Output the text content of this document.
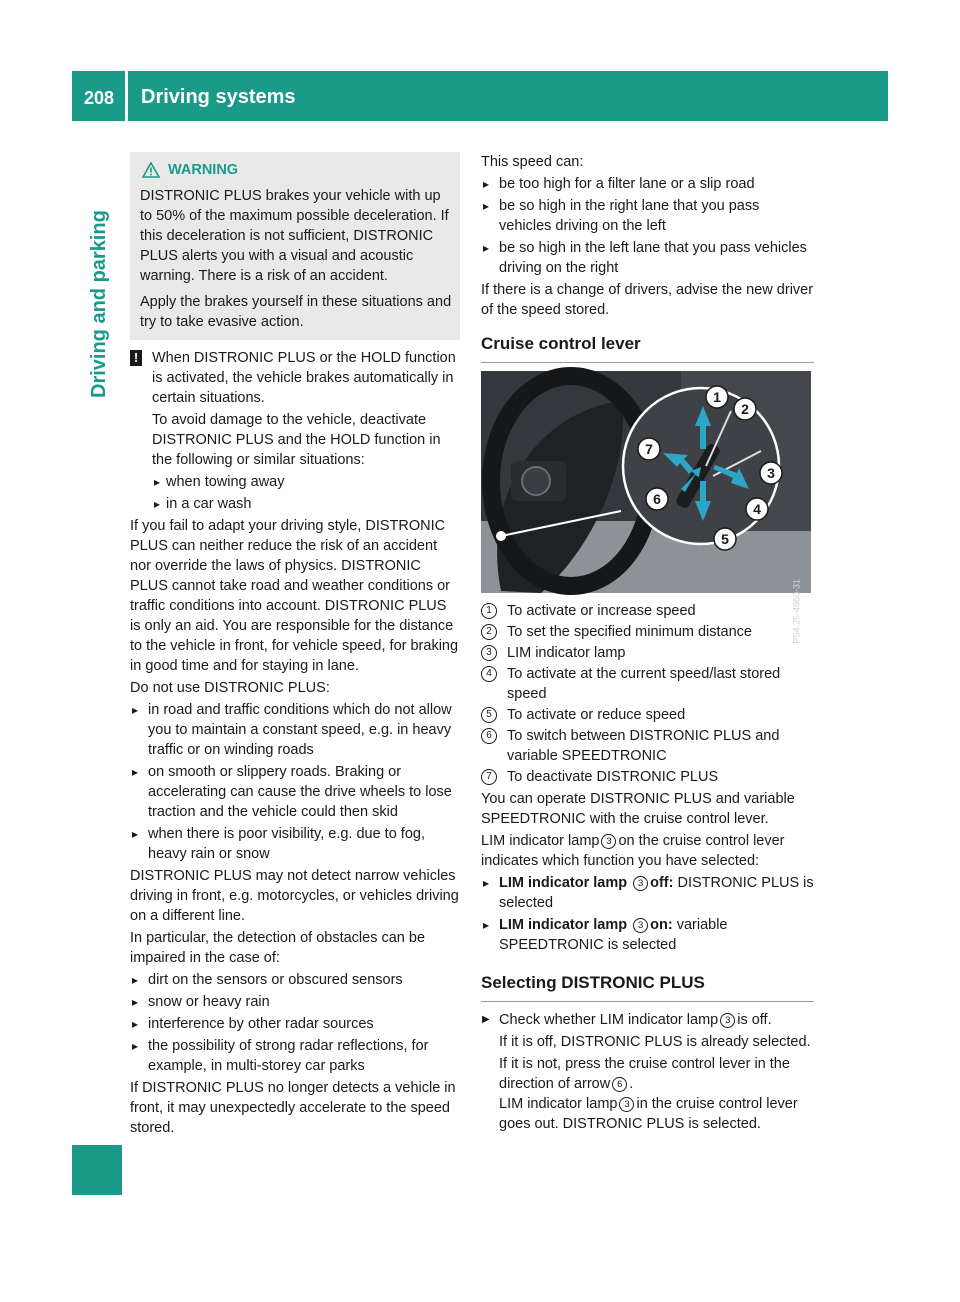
208 Driving systems
Driving and parking
WARNING

DISTRONIC PLUS brakes your vehicle with up to 50% of the maximum possible deceleration. If this deceleration is not sufficient, DISTRONIC PLUS alerts you with a visual and acoustic warning. There is a risk of an accident.

Apply the brakes yourself in these situations and try to take evasive action.

! When DISTRONIC PLUS or the HOLD function is activated, the vehicle brakes automatically in certain situations.

To avoid damage to the vehicle, deactivate DISTRONIC PLUS and the HOLD function in the following or similar situations:

▸ when towing away
▸ in a car wash

If you fail to adapt your driving style, DISTRONIC PLUS can neither reduce the risk of an accident nor override the laws of physics. DISTRONIC PLUS cannot take road and weather conditions or traffic conditions into account. DISTRONIC PLUS is only an aid. You are responsible for the distance to the vehicle in front, for vehicle speed, for braking in good time and for staying in lane.

Do not use DISTRONIC PLUS:

▸ in road and traffic conditions which do not allow you to maintain a constant speed, e.g. in heavy traffic or on winding roads
▸ on smooth or slippery roads. Braking or accelerating can cause the drive wheels to lose traction and the vehicle could then skid
▸ when there is poor visibility, e.g. due to fog, heavy rain or snow

DISTRONIC PLUS may not detect narrow vehicles driving in front, e.g. motorcycles, or vehicles driving on a different line.

In particular, the detection of obstacles can be impaired in the case of:

▸ dirt on the sensors or obscured sensors
▸ snow or heavy rain
▸ interference by other radar sources
▸ the possibility of strong radar reflections, for example, in multi-storey car parks

If DISTRONIC PLUS no longer detects a vehicle in front, it may unexpectedly accelerate to the speed stored.

This speed can:

▸ be too high for a filter lane or a slip road
▸ be so high in the right lane that you pass vehicles driving on the left
▸ be so high in the left lane that you pass vehicles driving on the right

If there is a change of drivers, advise the new driver of the speed stored.

Cruise control lever
1
2
3
4
5
6
7
P54.25-4960-31
1	To activate or increase speed
2	To set the specified minimum distance
3	LIM indicator lamp
4	To activate at the current speed/last stored speed
5	To activate or reduce speed
6	To switch between DISTRONIC PLUS and variable SPEEDTRONIC
7	To deactivate DISTRONIC PLUS

You can operate DISTRONIC PLUS and variable SPEEDTRONIC with the cruise control lever.

LIM indicator lamp 3 on the cruise control lever indicates which function you have selected:

▸ LIM indicator lamp 3 off: DISTRONIC PLUS is selected
▸ LIM indicator lamp 3 on: variable SPEEDTRONIC is selected
Selecting DISTRONIC PLUS

▶ Check whether LIM indicator lamp 3 is off.

If it is off, DISTRONIC PLUS is already selected.

If it is not, press the cruise control lever in the direction of arrow 6 .
LIM indicator lamp 3 in the cruise control lever goes out. DISTRONIC PLUS is selected.
